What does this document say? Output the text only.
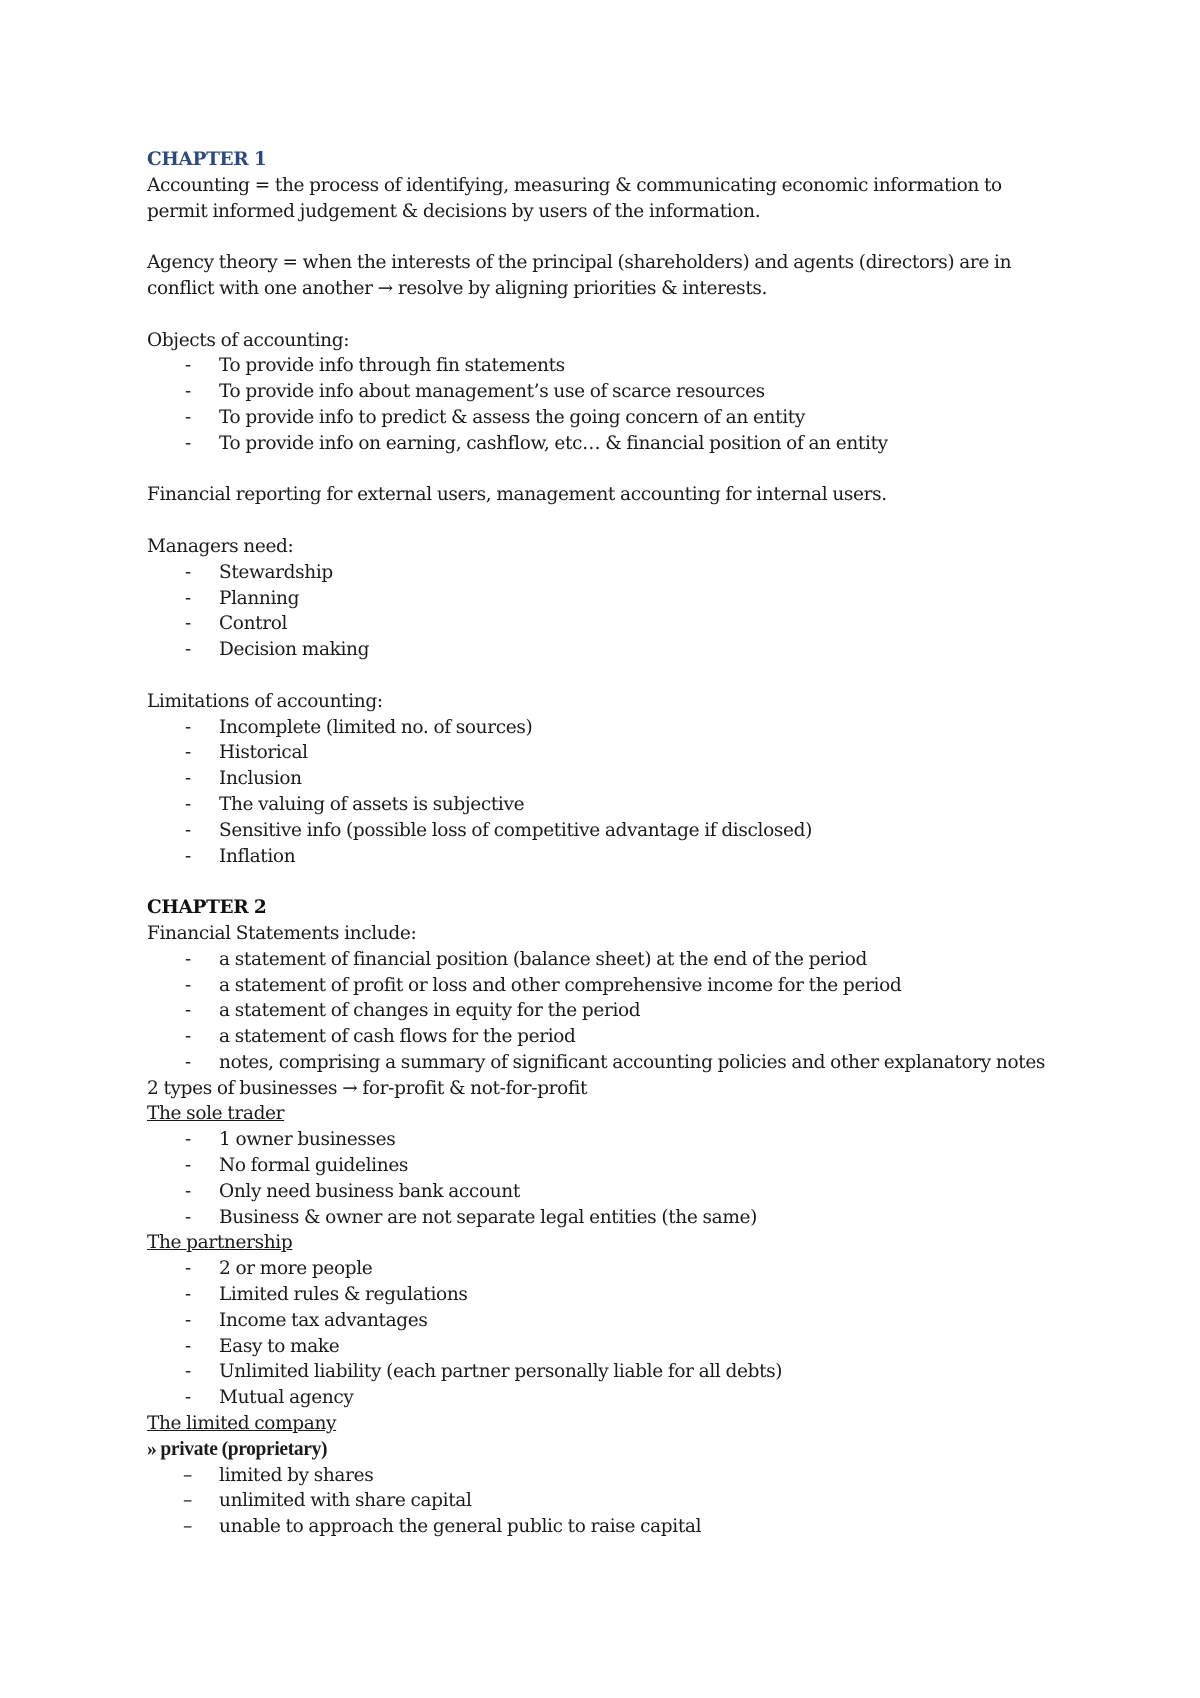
CHAPTER 1
Accounting = the process of identifying, measuring & communicating economic information to
permit informed judgement & decisions by users of the information.
Agency theory = when the interests of the principal (shareholders) and agents (directors) are in
conflict with one another → resolve by aligning priorities & interests.
Objects of accounting:
- To provide info through fin statements
- To provide info about management’s use of scarce resources
- To provide info to predict & assess the going concern of an entity
- To provide info on earning, cashflow, etc… & financial position of an entity
Financial reporting for external users, management accounting for internal users.
Managers need:
- Stewardship
- Planning
- Control
- Decision making
Limitations of accounting:
- Incomplete (limited no. of sources)
- Historical
- Inclusion
- The valuing of assets is subjective
- Sensitive info (possible loss of competitive advantage if disclosed)
- Inflation
CHAPTER 2
Financial Statements include:
- a statement of financial position (balance sheet) at the end of the period
- a statement of profit or loss and other comprehensive income for the period
- a statement of changes in equity for the period
- a statement of cash flows for the period
- notes, comprising a summary of significant accounting policies and other explanatory notes
2 types of businesses → for-profit & not-for-profit
The sole trader
- 1 owner businesses
- No formal guidelines
- Only need business bank account
- Business & owner are not separate legal entities (the same)
The partnership
- 2 or more people
- Limited rules & regulations
- Income tax advantages
- Easy to make
- Unlimited liability (each partner personally liable for all debts)
- Mutual agency
The limited company
» private (proprietary)
– limited by shares
– unlimited with share capital
– unable to approach the general public to raise capital
